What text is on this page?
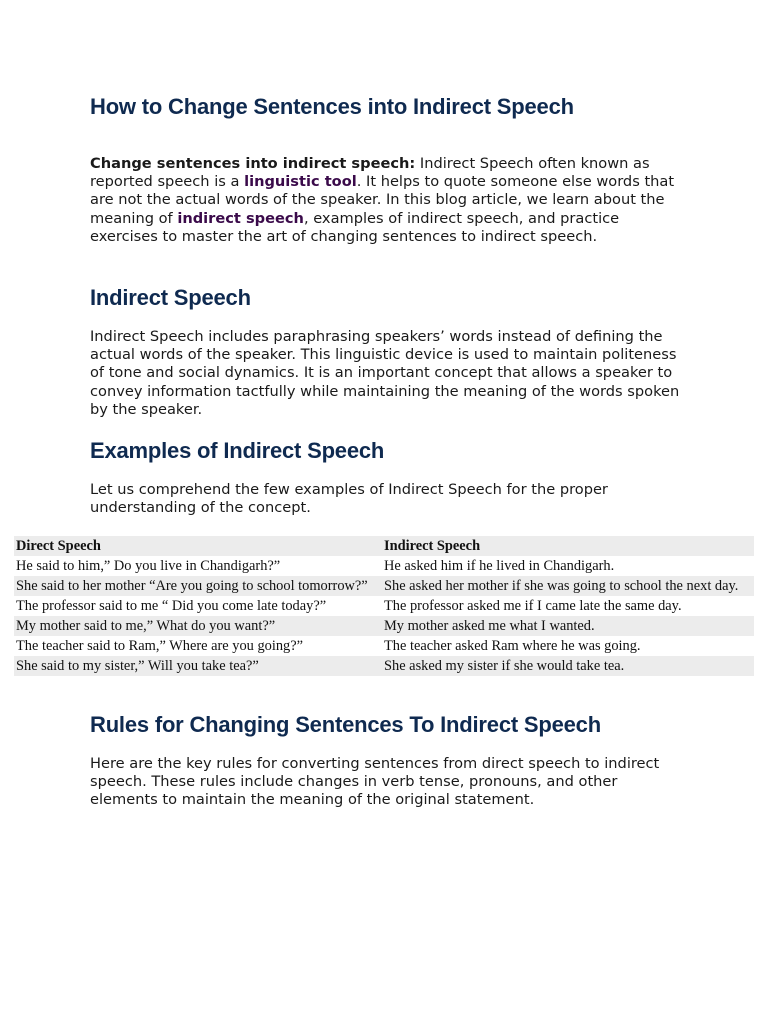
How to Change Sentences into Indirect Speech

Change sentences into indirect speech: Indirect Speech often known as reported speech is a linguistic tool. It helps to quote someone else words that are not the actual words of the speaker. In this blog article, we learn about the meaning of indirect speech, examples of indirect speech, and practice exercises to master the art of changing sentences to indirect speech.

Indirect Speech

Indirect Speech includes paraphrasing speakers’ words instead of defining the actual words of the speaker. This linguistic device is used to maintain politeness of tone and social dynamics. It is an important concept that allows a speaker to convey information tactfully while maintaining the meaning of the words spoken by the speaker.

Examples of Indirect Speech

Let us comprehend the few examples of Indirect Speech for the proper understanding of the concept.

Direct Speech	Indirect Speech
He said to him,” Do you live in Chandigarh?”	He asked him if he lived in Chandigarh.
She said to her mother “Are you going to school tomorrow?”	She asked her mother if she was going to school the next day.
The professor said to me “ Did you come late today?”	The professor asked me if I came late the same day.
My mother said to me,” What do you want?”	My mother asked me what I wanted.
The teacher said to Ram,” Where are you going?”	The teacher asked Ram where he was going.
She said to my sister,” Will you take tea?”	She asked my sister if she would take tea.
Rules for Changing Sentences To Indirect Speech

Here are the key rules for converting sentences from direct speech to indirect speech. These rules include changes in verb tense, pronouns, and other elements to maintain the meaning of the original statement.
